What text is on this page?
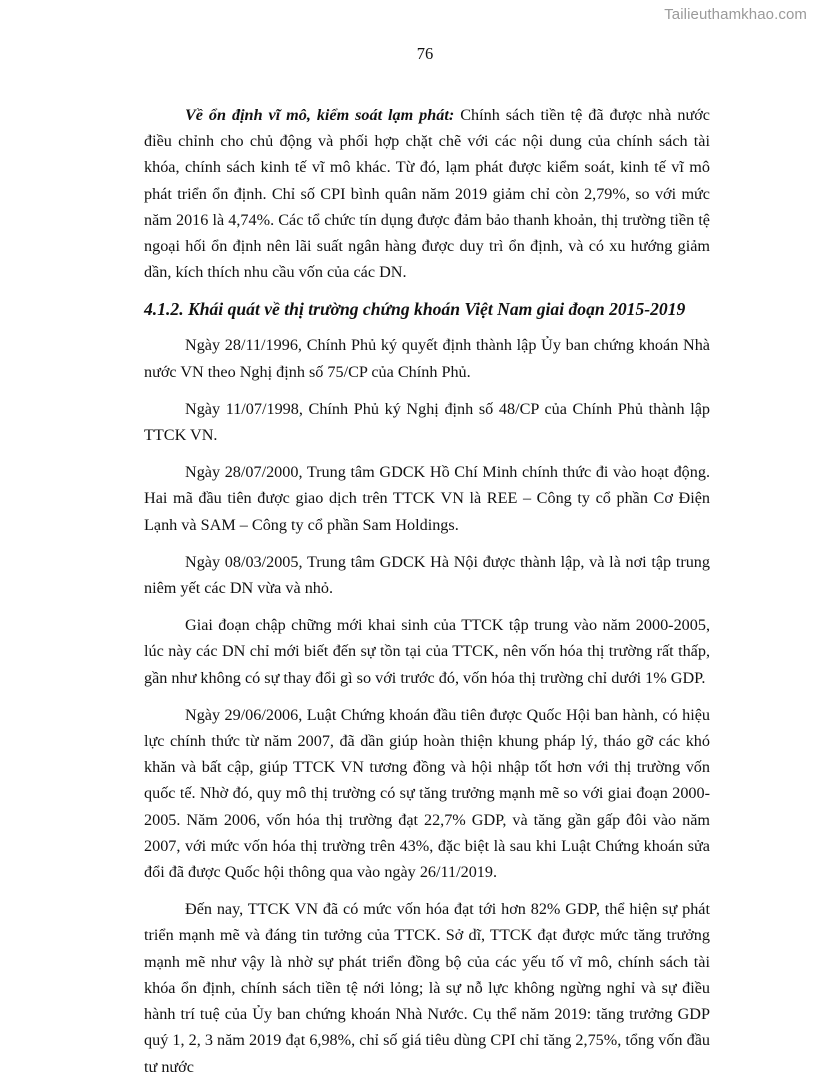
Tailieuthamkhao.com
76

Về ổn định vĩ mô, kiểm soát lạm phát: Chính sách tiền tệ đã được nhà nước điều chỉnh cho chủ động và phối hợp chặt chẽ với các nội dung của chính sách tài khóa, chính sách kinh tế vĩ mô khác. Từ đó, lạm phát được kiểm soát, kinh tế vĩ mô phát triển ổn định. Chỉ số CPI bình quân năm 2019 giảm chỉ còn 2,79%, so với mức năm 2016 là 4,74%. Các tổ chức tín dụng được đảm bảo thanh khoản, thị trường tiền tệ ngoại hối ổn định nên lãi suất ngân hàng được duy trì ổn định, và có xu hướng giảm dần, kích thích nhu cầu vốn của các DN.

4.1.2. Khái quát về thị trường chứng khoán Việt Nam giai đoạn 2015-2019

Ngày 28/11/1996, Chính Phủ ký quyết định thành lập Ủy ban chứng khoán Nhà nước VN theo Nghị định số 75/CP của Chính Phủ.

Ngày 11/07/1998, Chính Phủ ký Nghị định số 48/CP của Chính Phủ thành lập TTCK VN.

Ngày 28/07/2000, Trung tâm GDCK Hồ Chí Minh chính thức đi vào hoạt động. Hai mã đầu tiên được giao dịch trên TTCK VN là REE – Công ty cổ phần Cơ Điện Lạnh và SAM – Công ty cổ phần Sam Holdings.

Ngày 08/03/2005, Trung tâm GDCK Hà Nội được thành lập, và là nơi tập trung niêm yết các DN vừa và nhỏ.

Giai đoạn chập chững mới khai sinh của TTCK tập trung vào năm 2000-2005, lúc này các DN chỉ mới biết đến sự tồn tại của TTCK, nên vốn hóa thị trường rất thấp, gần như không có sự thay đổi gì so với trước đó, vốn hóa thị trường chỉ dưới 1% GDP.

Ngày 29/06/2006, Luật Chứng khoán đầu tiên được Quốc Hội ban hành, có hiệu lực chính thức từ năm 2007, đã dần giúp hoàn thiện khung pháp lý, tháo gỡ các khó khăn và bất cập, giúp TTCK VN tương đồng và hội nhập tốt hơn với thị trường vốn quốc tế. Nhờ đó, quy mô thị trường có sự tăng trưởng mạnh mẽ so với giai đoạn 2000-2005. Năm 2006, vốn hóa thị trường đạt 22,7% GDP, và tăng gần gấp đôi vào năm 2007, với mức vốn hóa thị trường trên 43%, đặc biệt là sau khi Luật Chứng khoán sửa đổi đã được Quốc hội thông qua vào ngày 26/11/2019.

Đến nay, TTCK VN đã có mức vốn hóa đạt tới hơn 82% GDP, thể hiện sự phát triển mạnh mẽ và đáng tin tưởng của TTCK. Sở dĩ, TTCK đạt được mức tăng trưởng mạnh mẽ như vậy là nhờ sự phát triển đồng bộ của các yếu tố vĩ mô, chính sách tài khóa ổn định, chính sách tiền tệ nới lỏng; là sự nỗ lực không ngừng nghỉ và sự điều hành trí tuệ của Ủy ban chứng khoán Nhà Nước. Cụ thể năm 2019: tăng trưởng GDP quý 1, 2, 3 năm 2019 đạt 6,98%, chỉ số giá tiêu dùng CPI chỉ tăng 2,75%, tổng vốn đầu tư nước
